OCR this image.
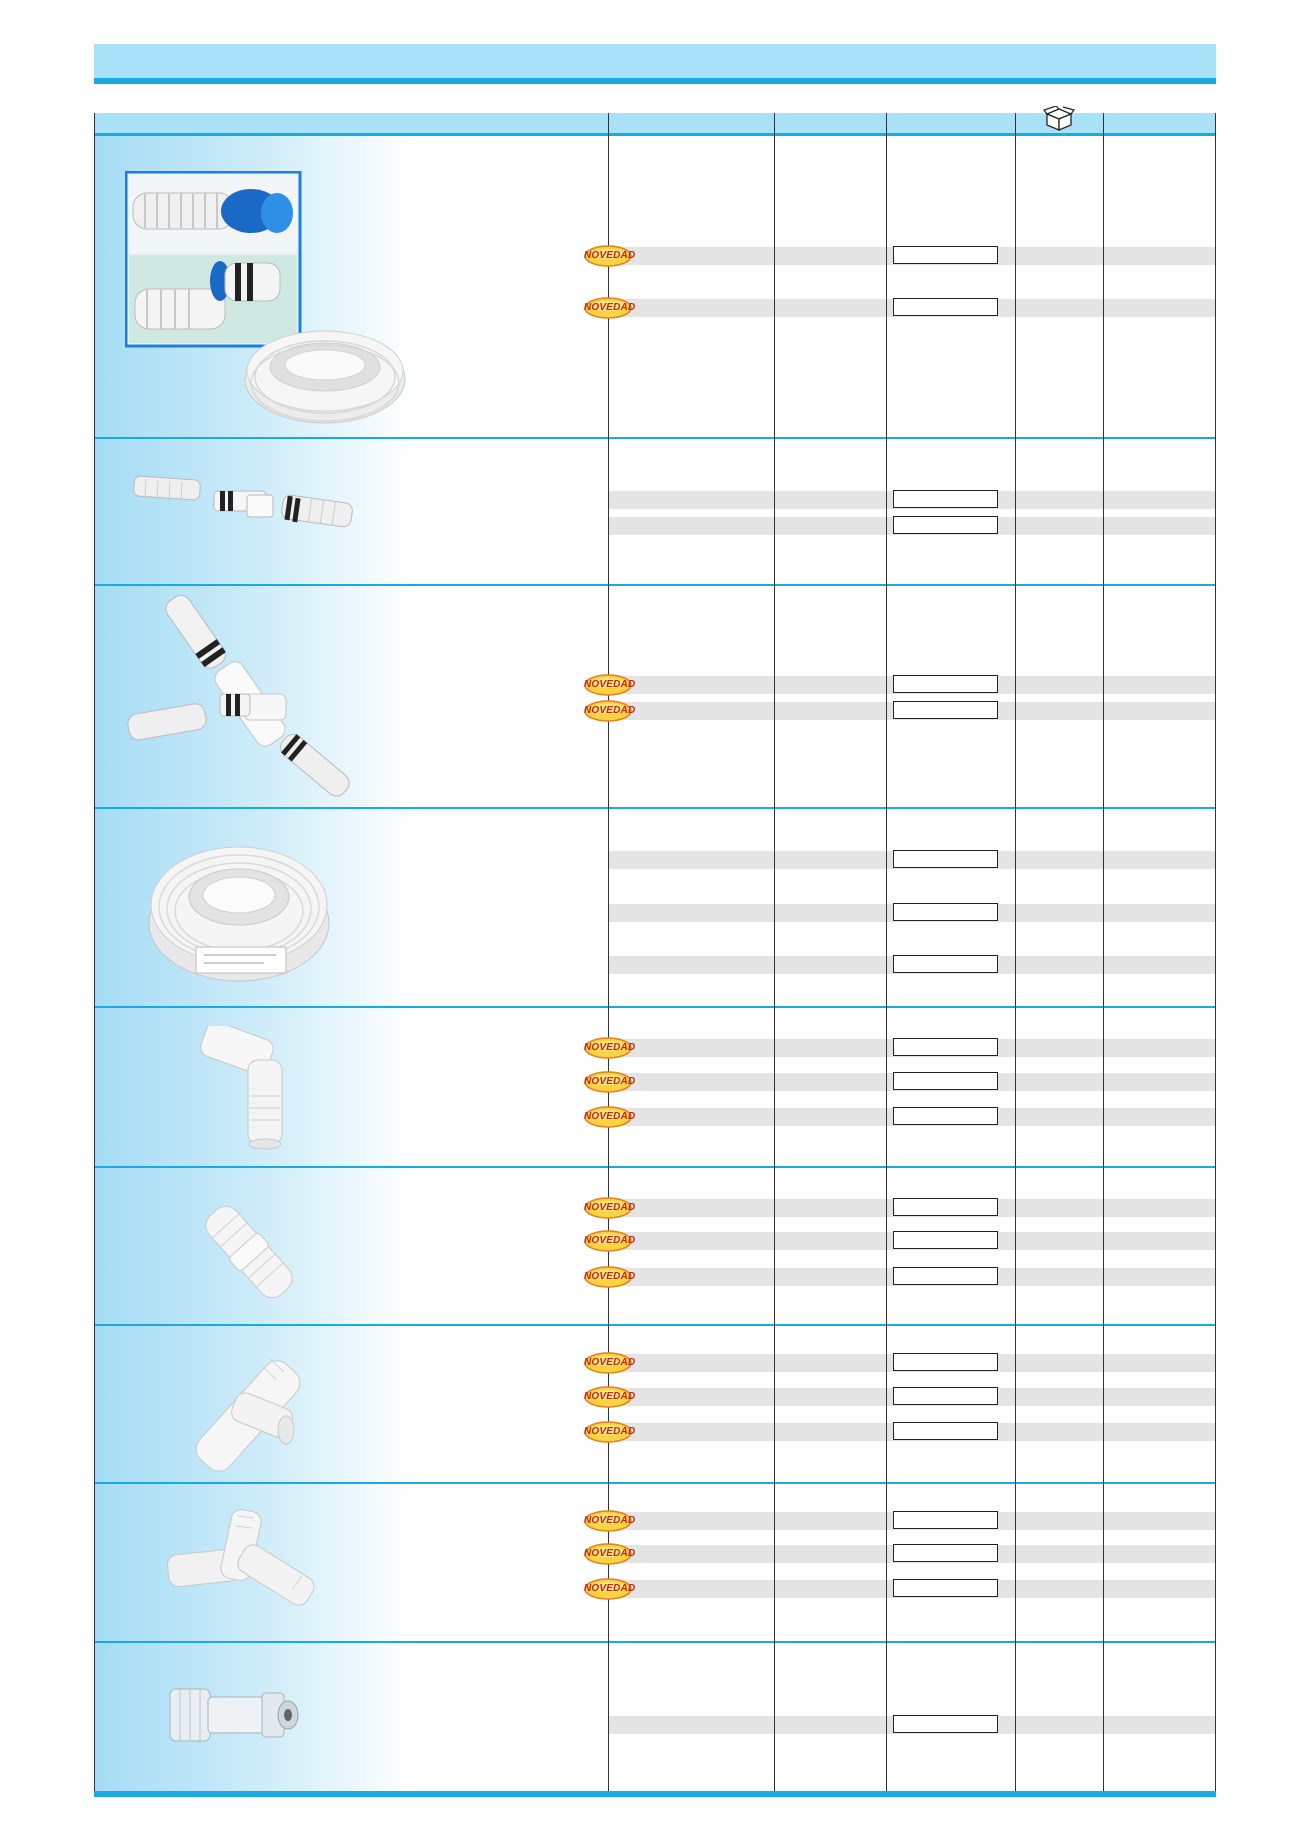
NOVEDAD
NOVEDAD
NOVEDAD
NOVEDAD
NOVEDAD
NOVEDAD
NOVEDAD
NOVEDAD
NOVEDAD
NOVEDAD
NOVEDAD
NOVEDAD
NOVEDAD
NOVEDAD
NOVEDAD
NOVEDAD
